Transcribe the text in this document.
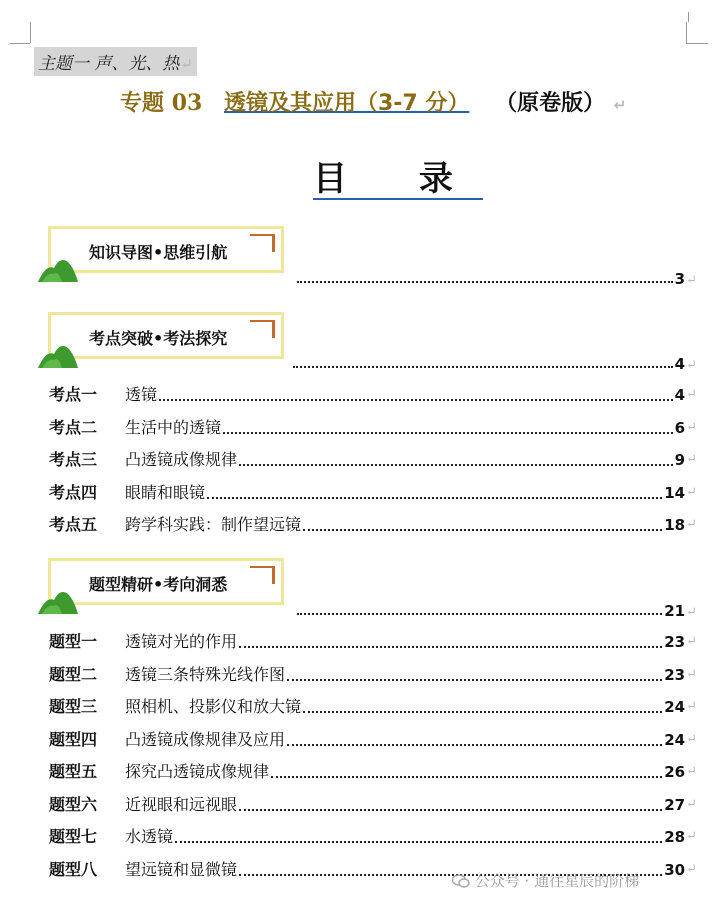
主题一 声、光、热↵
专题 03 透镜及其应用（3-7 分） （原卷版） ↵
目 录
知识导图•思维引航
3 ↵
考点突破•考法探究
4 ↵
考点一	透镜	4 ↵
考点二	生活中的透镜	6 ↵
考点三	凸透镜成像规律	9 ↵
考点四	眼睛和眼镜	14 ↵
考点五	跨学科实践：制作望远镜	18 ↵
题型精研•考向洞悉
21 ↵
题型一	透镜对光的作用	23 ↵
题型二	透镜三条特殊光线作图	23 ↵
题型三	照相机、投影仪和放大镜	24 ↵
题型四	凸透镜成像规律及应用	24 ↵
题型五	探究凸透镜成像规律	26 ↵
题型六	近视眼和远视眼	27 ↵
题型七	水透镜	28 ↵
题型八	望远镜和显微镜	30 ↵
公众号 · 通往星辰的阶梯
